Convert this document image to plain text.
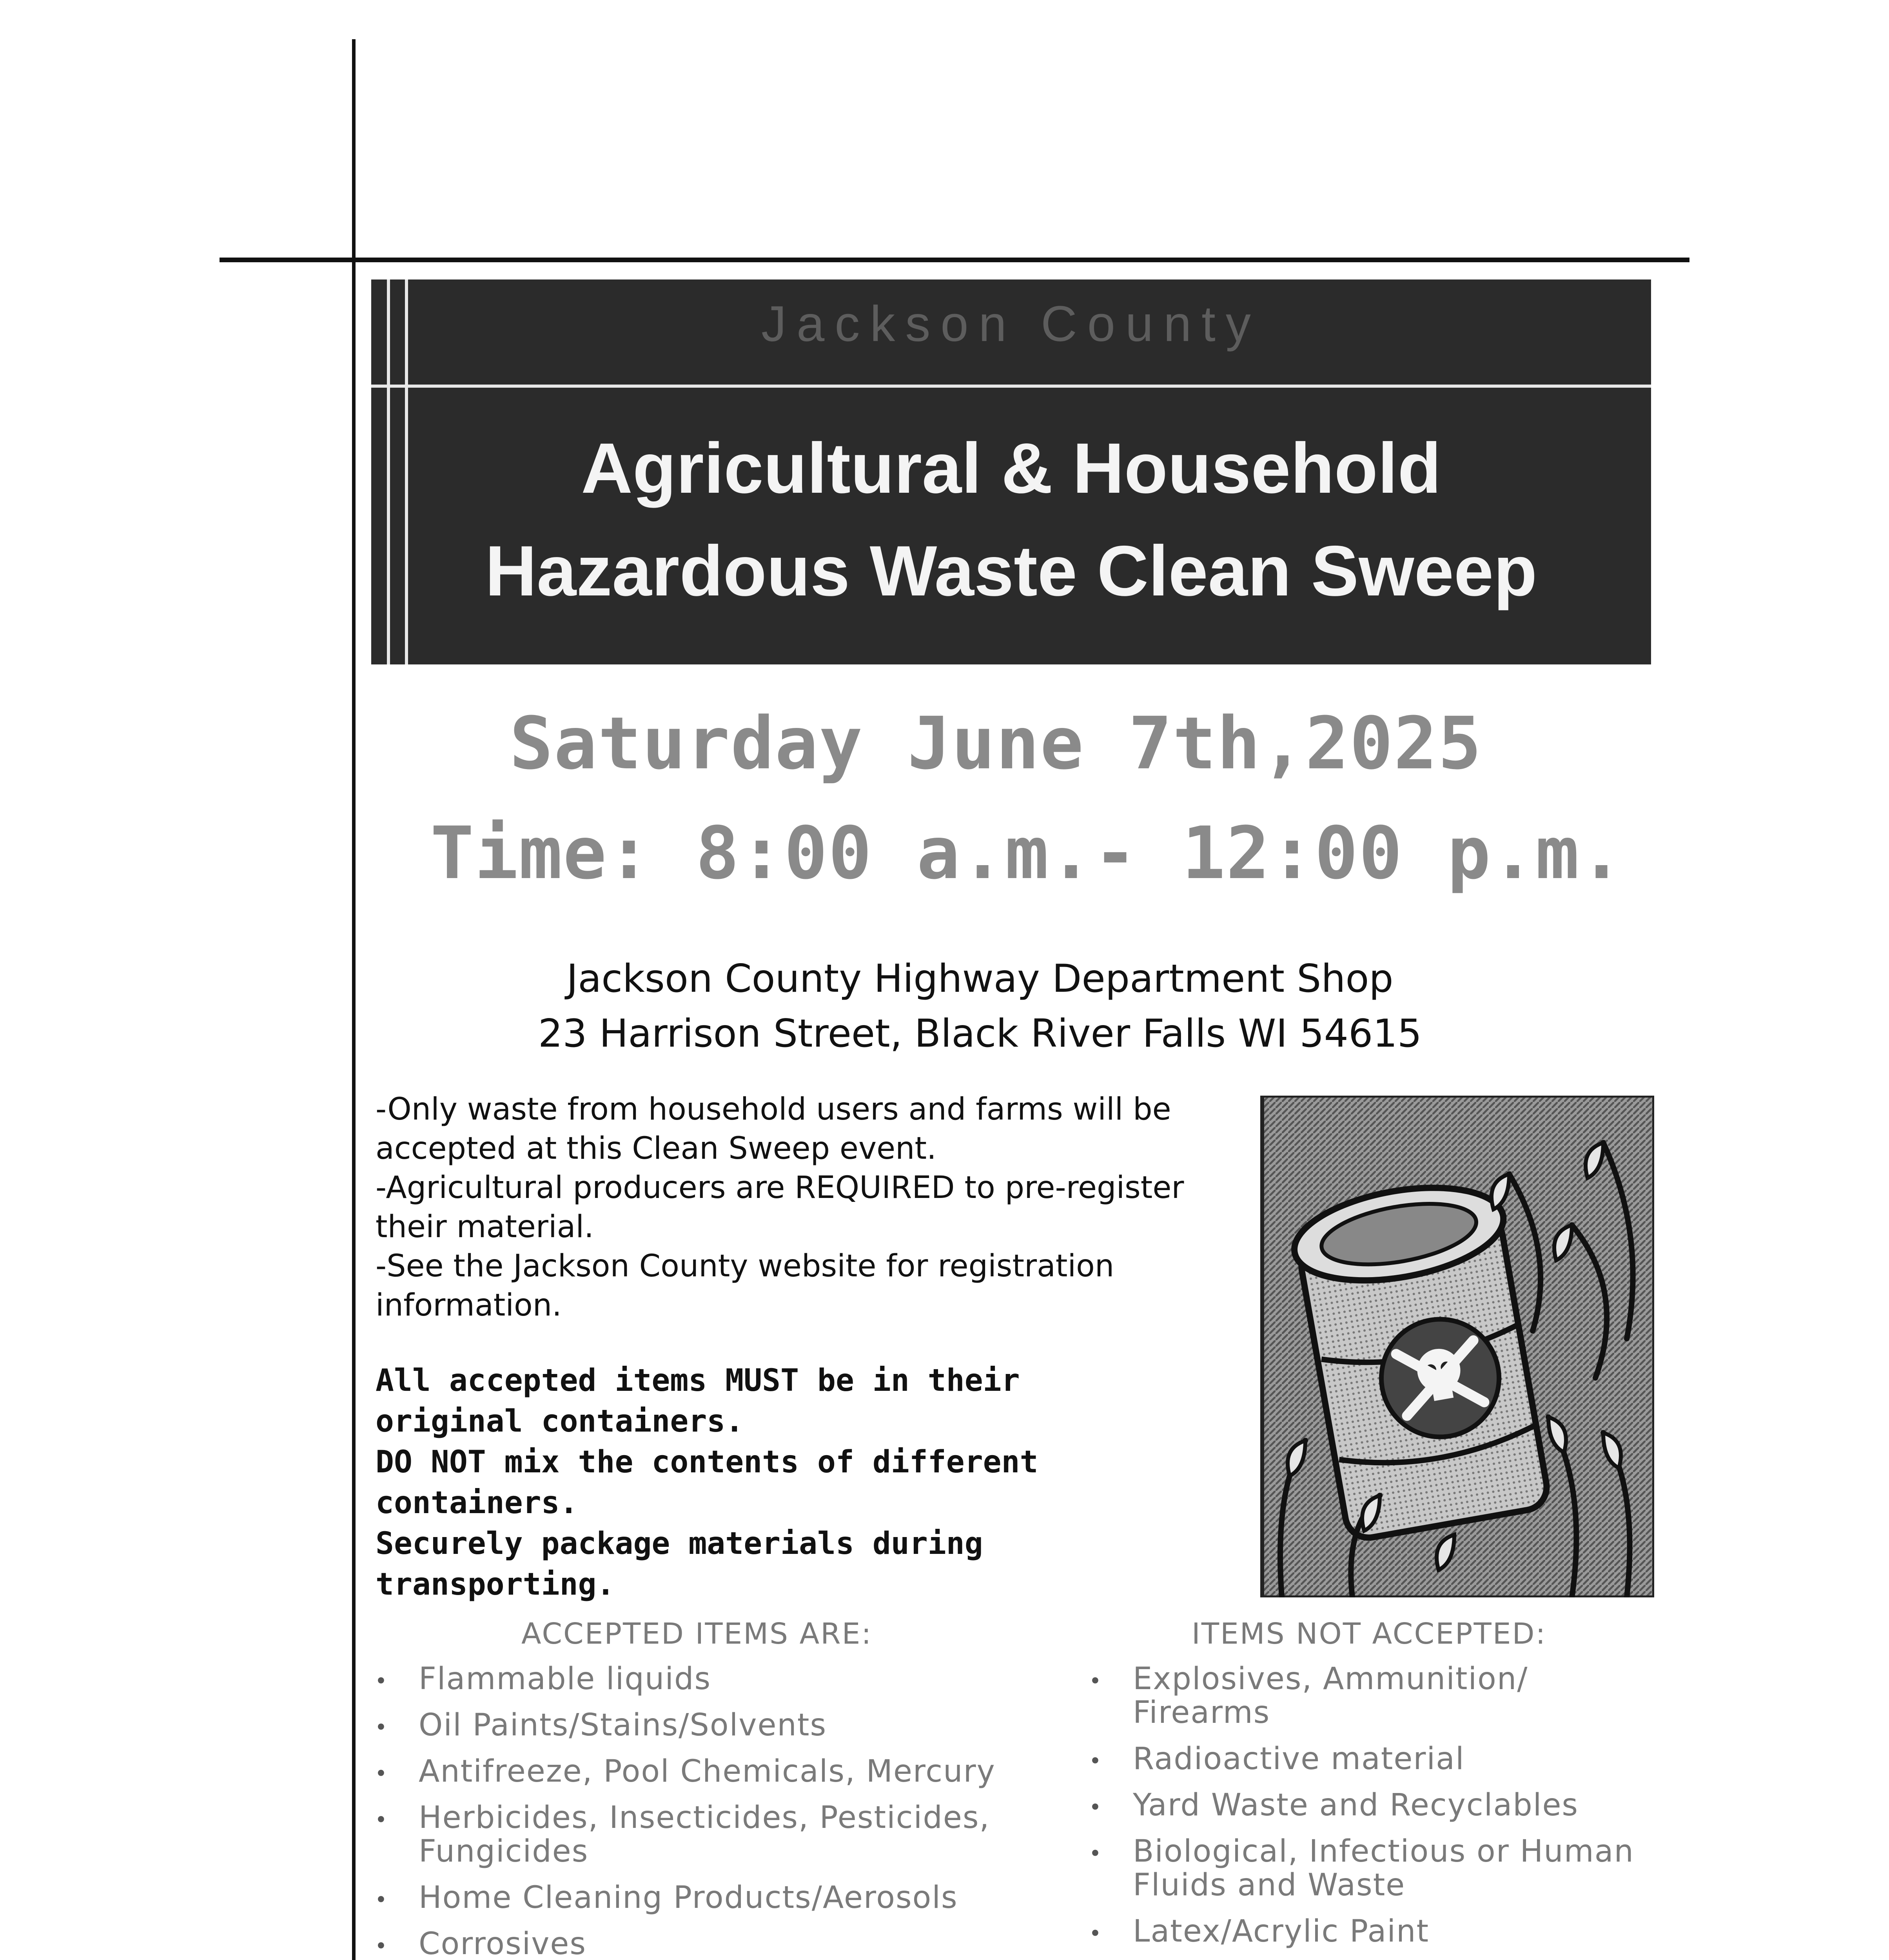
Jackson County
Agricultural & Household
Hazardous Waste Clean Sweep
Saturday June 7th,2025
Time: 8:00 a.m.- 12:00 p.m.
Jackson County Highway Department Shop
23 Harrison Street, Black River Falls WI 54615
-Only waste from household users and farms will be accepted at this Clean Sweep event.
-Agricultural producers are REQUIRED to pre-register their material.
-See the Jackson County website for registration information.
All accepted items MUST be in their original containers.
DO NOT mix the contents of different containers.
Securely package materials during transporting.
ACCEPTED ITEMS ARE:
• Flammable liquids
• Oil Paints/Stains/Solvents
• Antifreeze, Pool Chemicals, Mercury
• Herbicides, Insecticides, Pesticides, Fungicides
• Home Cleaning Products/Aerosols
• Corrosives
ITEMS NOT ACCEPTED:
• Explosives, Ammunition/ Firearms
• Radioactive material
• Yard Waste and Recyclables
• Biological, Infectious or Human Fluids and Waste
• Latex/Acrylic Paint
